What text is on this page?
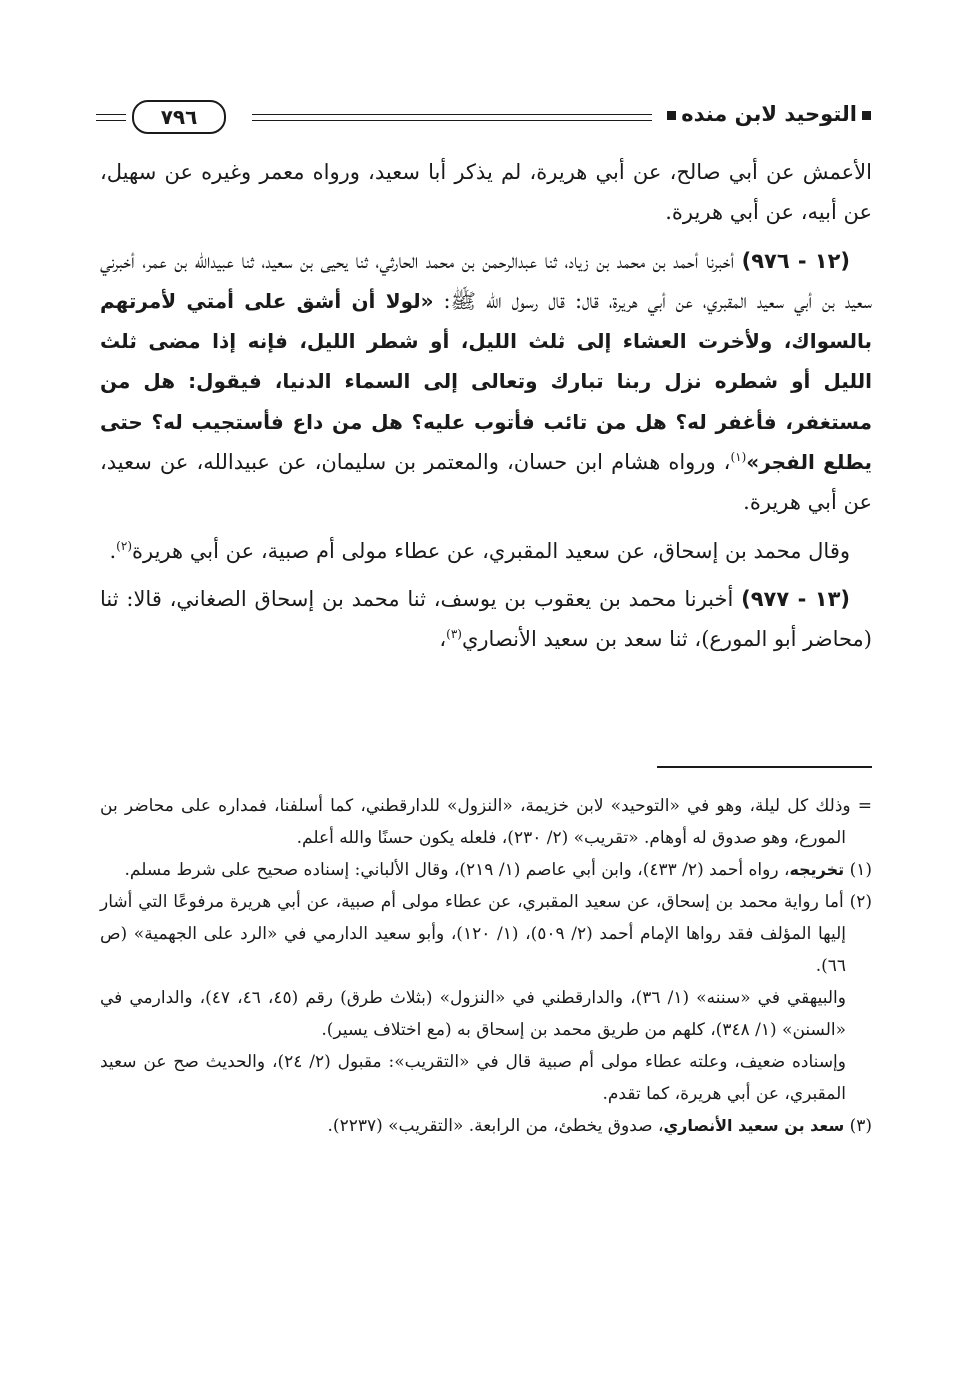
التوحيد لابن منده
٧٩٦

الأعمش عن أبي صالح، عن أبي هريرة، لم يذكر أبا سعيد، ورواه معمر وغيره عن سهيل، عن أبيه، عن أبي هريرة.

(١٢ - ٩٧٦) أخبرنا أحمد بن محمد بن زياد، ثنا عبدالرحمن بن محمد الحارثي، ثنا يحيى بن سعيد، ثنا عبيدالله بن عمر، أخبرني سعيد بن أبي سعيد المقبري، عن أبي هريرة، قال: قال رسول الله ﷺ: «لولا أن أشق على أمتي لأمرتهم بالسواك، ولأخرت العشاء إلى ثلث الليل، أو شطر الليل، فإنه إذا مضى ثلث الليل أو شطره نزل ربنا تبارك وتعالى إلى السماء الدنيا، فيقول: هل من مستغفر، فأغفر له؟ هل من تائب فأتوب عليه؟ هل من داع فأستجيب له؟ حتى يطلع الفجر»$^{(١)}$، ورواه هشام ابن حسان، والمعتمر بن سليمان، عن عبيدالله، عن سعيد، عن أبي هريرة.

وقال محمد بن إسحاق، عن سعيد المقبري، عن عطاء مولى أم صبية، عن أبي هريرة$^{(٢)}$.

(١٣ - ٩٧٧) أخبرنا محمد بن يعقوب بن يوسف، ثنا محمد بن إسحاق الصغاني، قالا: ثنا (محاضر أبو المورع)، ثنا سعد بن سعيد الأنصاري$^{(٣)}$،

= وذلك كل ليلة، وهو في «التوحيد» لابن خزيمة، «النزول» للدارقطني، كما أسلفنا، فمداره على محاضر بن المورع، وهو صدوق له أوهام. «تقريب» (٢/ ٢٣٠)، فلعله يكون حسنًا والله أعلم.

(١) تخريجه، رواه أحمد (٢/ ٤٣٣)، وابن أبي عاصم (١/ ٢١٩)، وقال الألباني: إسناده صحيح على شرط مسلم.

(٢) أما رواية محمد بن إسحاق، عن سعيد المقبري، عن عطاء مولى أم صبية، عن أبي هريرة مرفوعًا التي أشار إليها المؤلف فقد رواها الإمام أحمد (٢/ ٥٠٩)، (١/ ١٢٠)، وأبو سعيد الدارمي في «الرد على الجهمية» (ص ٦٦).

والبيهقي في «سننه» (١/ ٣٦)، والدارقطني في «النزول» (بثلاث طرق) رقم (٤٥، ٤٦، ٤٧)، والدارمي في «السنن» (١/ ٣٤٨)، كلهم من طريق محمد بن إسحاق به (مع اختلاف يسير).

وإسناده ضعيف، وعلته عطاء مولى أم صبية قال في «التقريب»: مقبول (٢/ ٢٤)، والحديث صح عن سعيد المقبري، عن أبي هريرة، كما تقدم.

(٣) سعد بن سعيد الأنصاري، صدوق يخطئ، من الرابعة. «التقريب» (٢٢٣٧).
